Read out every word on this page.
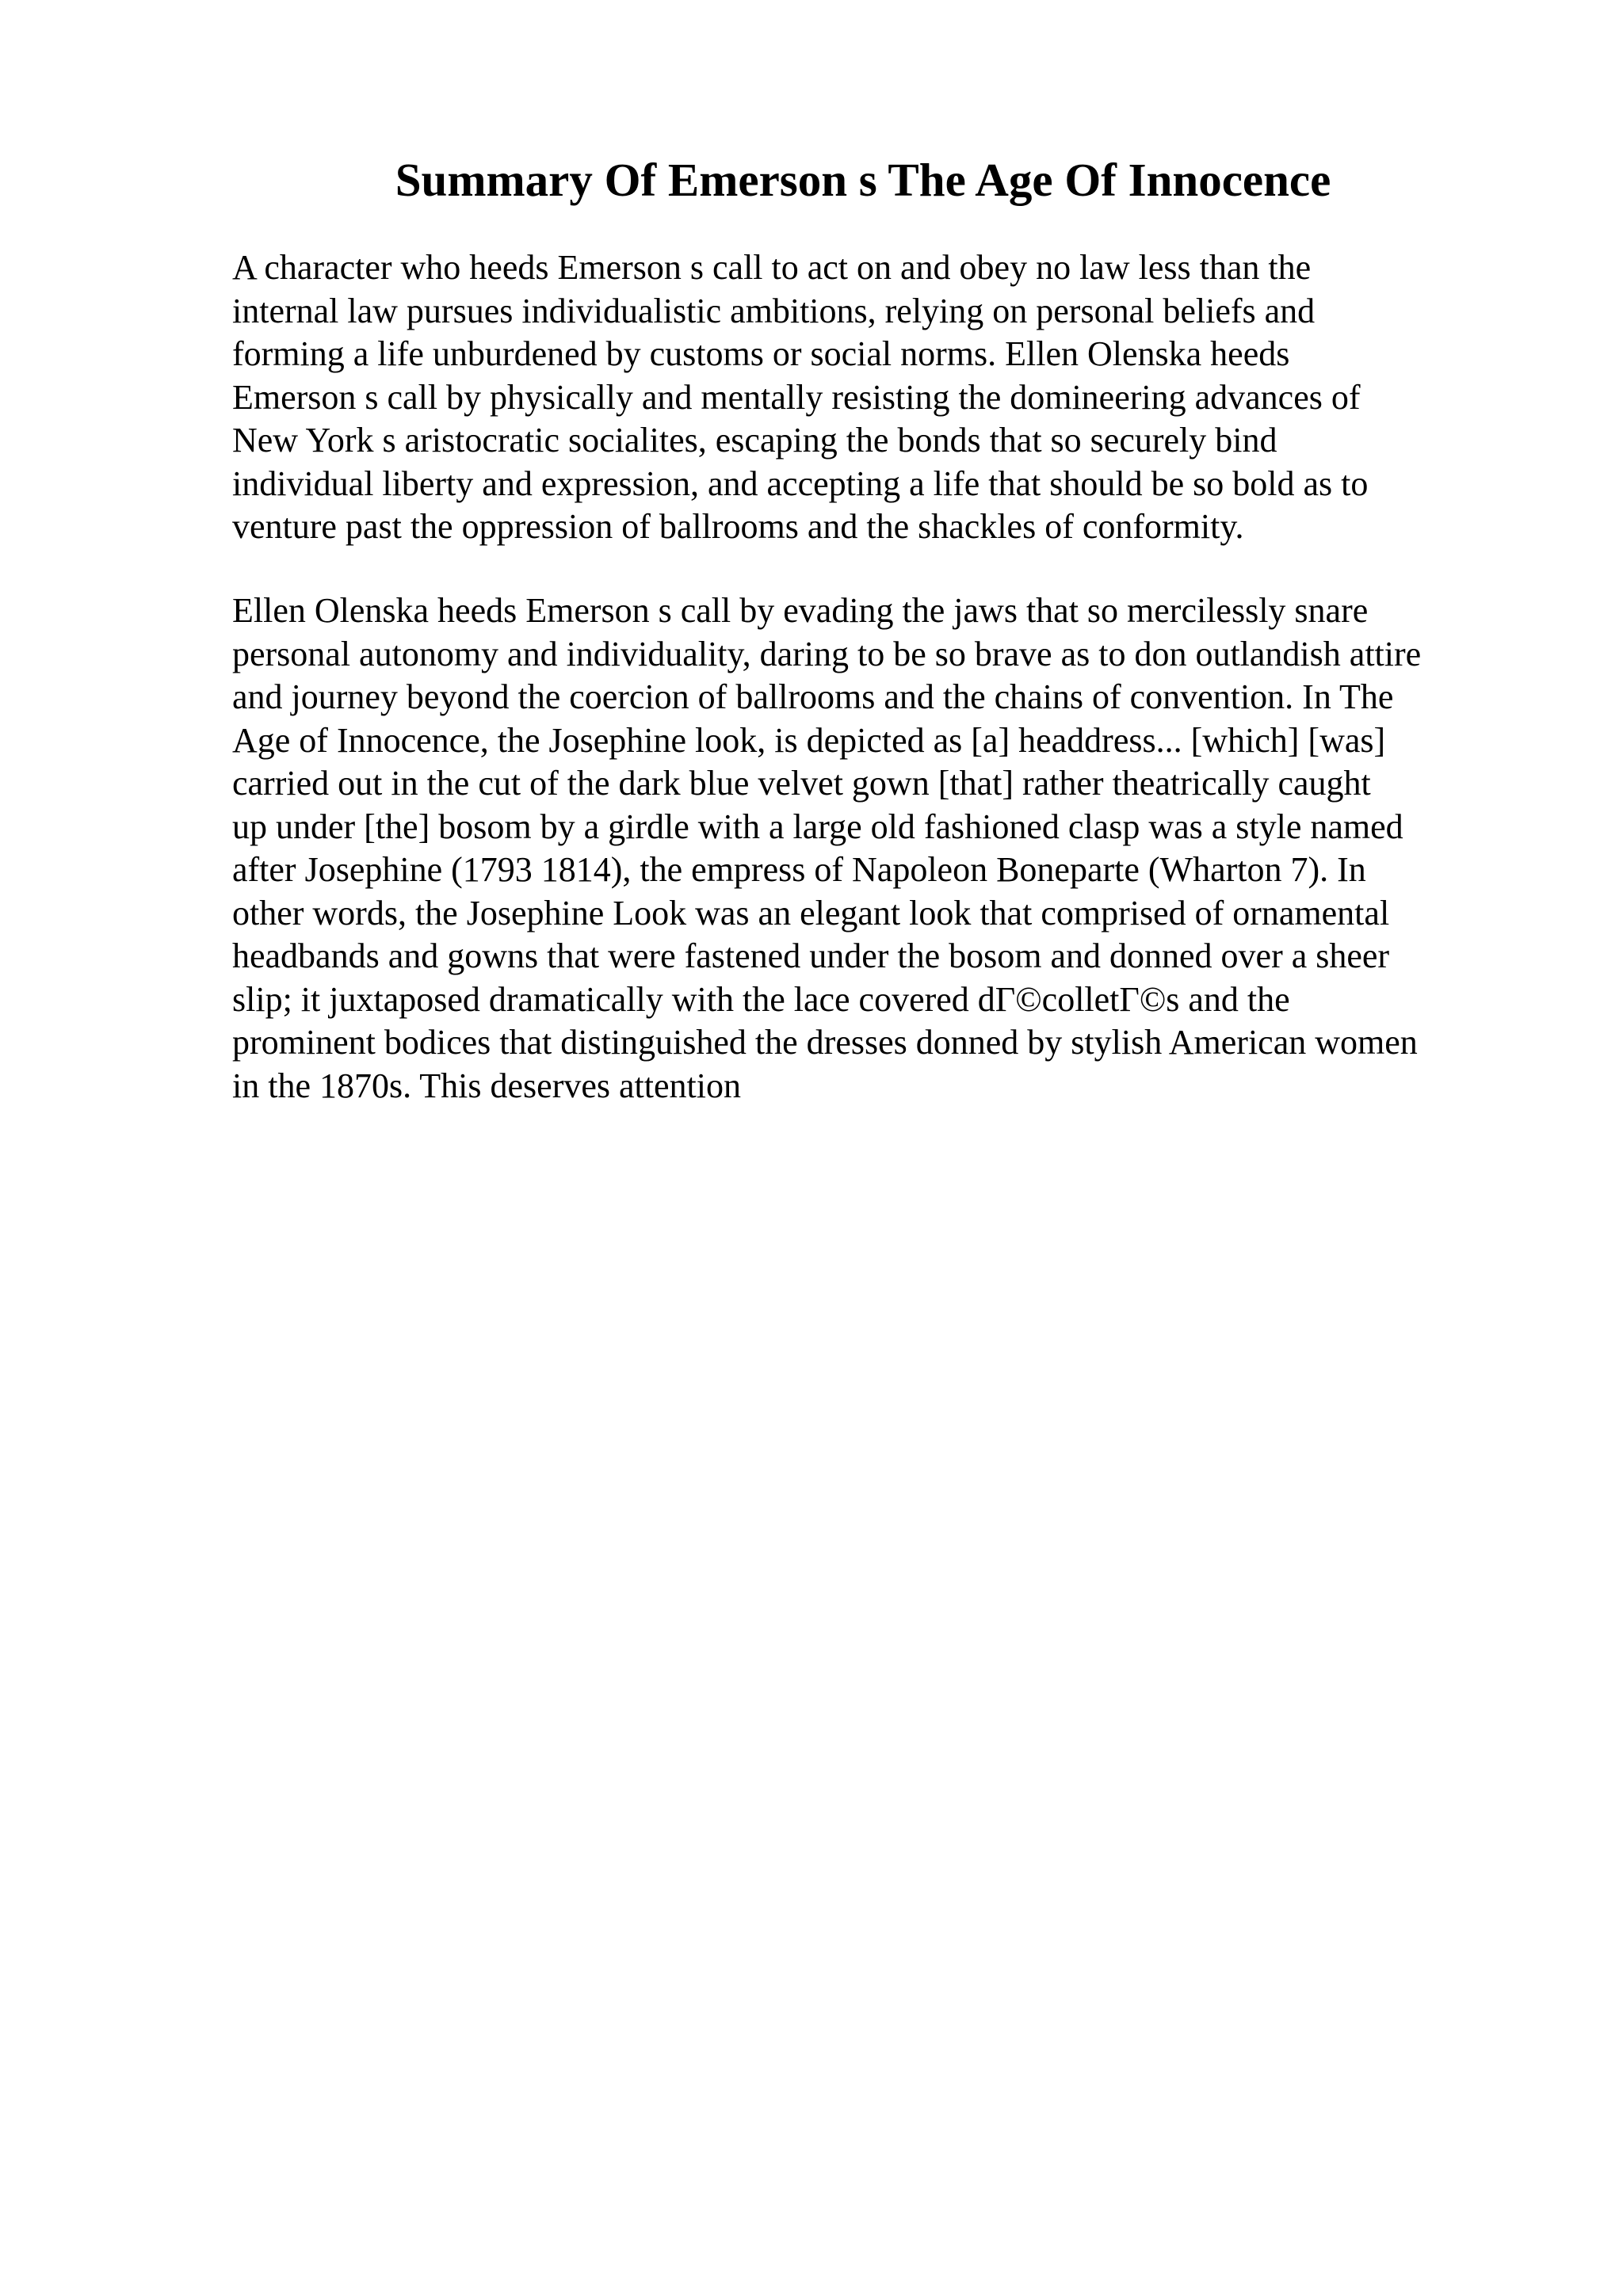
Summary Of Emerson s The Age Of Innocence

A character who heeds Emerson s call to act on and obey no law less than the
internal law pursues individualistic ambitions, relying on personal beliefs and
forming a life unburdened by customs or social norms. Ellen Olenska heeds
Emerson s call by physically and mentally resisting the domineering advances of
New York s aristocratic socialites, escaping the bonds that so securely bind
individual liberty and expression, and accepting a life that should be so bold as to
venture past the oppression of ballrooms and the shackles of conformity.

Ellen Olenska heeds Emerson s call by evading the jaws that so mercilessly snare
personal autonomy and individuality, daring to be so brave as to don outlandish attire
and journey beyond the coercion of ballrooms and the chains of convention. In The
Age of Innocence, the Josephine look, is depicted as [a] headdress... [which] [was]
carried out in the cut of the dark blue velvet gown [that] rather theatrically caught
up under [the] bosom by a girdle with a large old fashioned clasp was a style named
after Josephine (1793 1814), the empress of Napoleon Boneparte (Wharton 7). In
other words, the Josephine Look was an elegant look that comprised of ornamental
headbands and gowns that were fastened under the bosom and donned over a sheer
slip; it juxtaposed dramatically with the lace covered dГ©colletГ©s and the
prominent bodices that distinguished the dresses donned by stylish American women
in the 1870s. This deserves attention
